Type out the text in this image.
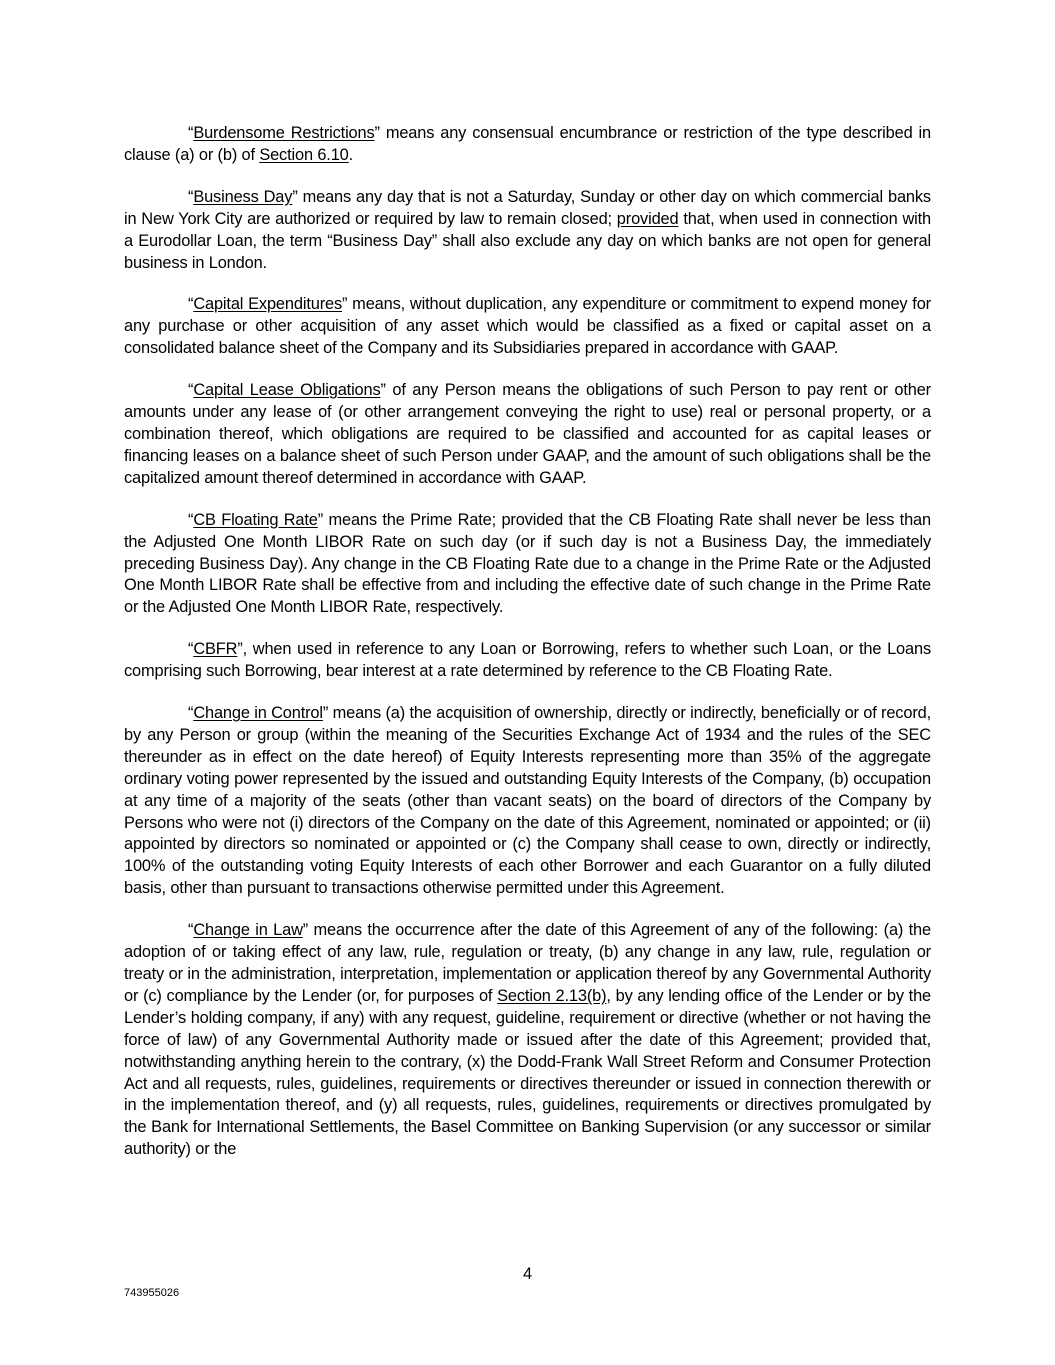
“Burdensome Restrictions” means any consensual encumbrance or restriction of the type described in clause (a) or (b) of Section 6.10.

“Business Day” means any day that is not a Saturday, Sunday or other day on which commercial banks in New York City are authorized or required by law to remain closed; provided that, when used in connection with a Eurodollar Loan, the term “Business Day” shall also exclude any day on which banks are not open for general business in London.

“Capital Expenditures” means, without duplication, any expenditure or commitment to expend money for any purchase or other acquisition of any asset which would be classified as a fixed or capital asset on a consolidated balance sheet of the Company and its Subsidiaries prepared in accordance with GAAP.

“Capital Lease Obligations” of any Person means the obligations of such Person to pay rent or other amounts under any lease of (or other arrangement conveying the right to use) real or personal property, or a combination thereof, which obligations are required to be classified and accounted for as capital leases or financing leases on a balance sheet of such Person under GAAP, and the amount of such obligations shall be the capitalized amount thereof determined in accordance with GAAP.

“CB Floating Rate” means the Prime Rate; provided that the CB Floating Rate shall never be less than the Adjusted One Month LIBOR Rate on such day (or if such day is not a Business Day, the immediately preceding Business Day). Any change in the CB Floating Rate due to a change in the Prime Rate or the Adjusted One Month LIBOR Rate shall be effective from and including the effective date of such change in the Prime Rate or the Adjusted One Month LIBOR Rate, respectively.

“CBFR”, when used in reference to any Loan or Borrowing, refers to whether such Loan, or the Loans comprising such Borrowing, bear interest at a rate determined by reference to the CB Floating Rate.

“Change in Control” means (a) the acquisition of ownership, directly or indirectly, beneficially or of record, by any Person or group (within the meaning of the Securities Exchange Act of 1934 and the rules of the SEC thereunder as in effect on the date hereof) of Equity Interests representing more than 35% of the aggregate ordinary voting power represented by the issued and outstanding Equity Interests of the Company, (b) occupation at any time of a majority of the seats (other than vacant seats) on the board of directors of the Company by Persons who were not (i) directors of the Company on the date of this Agreement, nominated or appointed; or (ii) appointed by directors so nominated or appointed or (c) the Company shall cease to own, directly or indirectly, 100% of the outstanding voting Equity Interests of each other Borrower and each Guarantor on a fully diluted basis, other than pursuant to transactions otherwise permitted under this Agreement.

“Change in Law” means the occurrence after the date of this Agreement of any of the following: (a) the adoption of or taking effect of any law, rule, regulation or treaty, (b) any change in any law, rule, regulation or treaty or in the administration, interpretation, implementation or application thereof by any Governmental Authority or (c) compliance by the Lender (or, for purposes of Section 2.13(b), by any lending office of the Lender or by the Lender’s holding company, if any) with any request, guideline, requirement or directive (whether or not having the force of law) of any Governmental Authority made or issued after the date of this Agreement; provided that, notwithstanding anything herein to the contrary, (x) the Dodd-Frank Wall Street Reform and Consumer Protection Act and all requests, rules, guidelines, requirements or directives thereunder or issued in connection therewith or in the implementation thereof, and (y) all requests, rules, guidelines, requirements or directives promulgated by the Bank for International Settlements, the Basel Committee on Banking Supervision (or any successor or similar authority) or the

4
743955026
